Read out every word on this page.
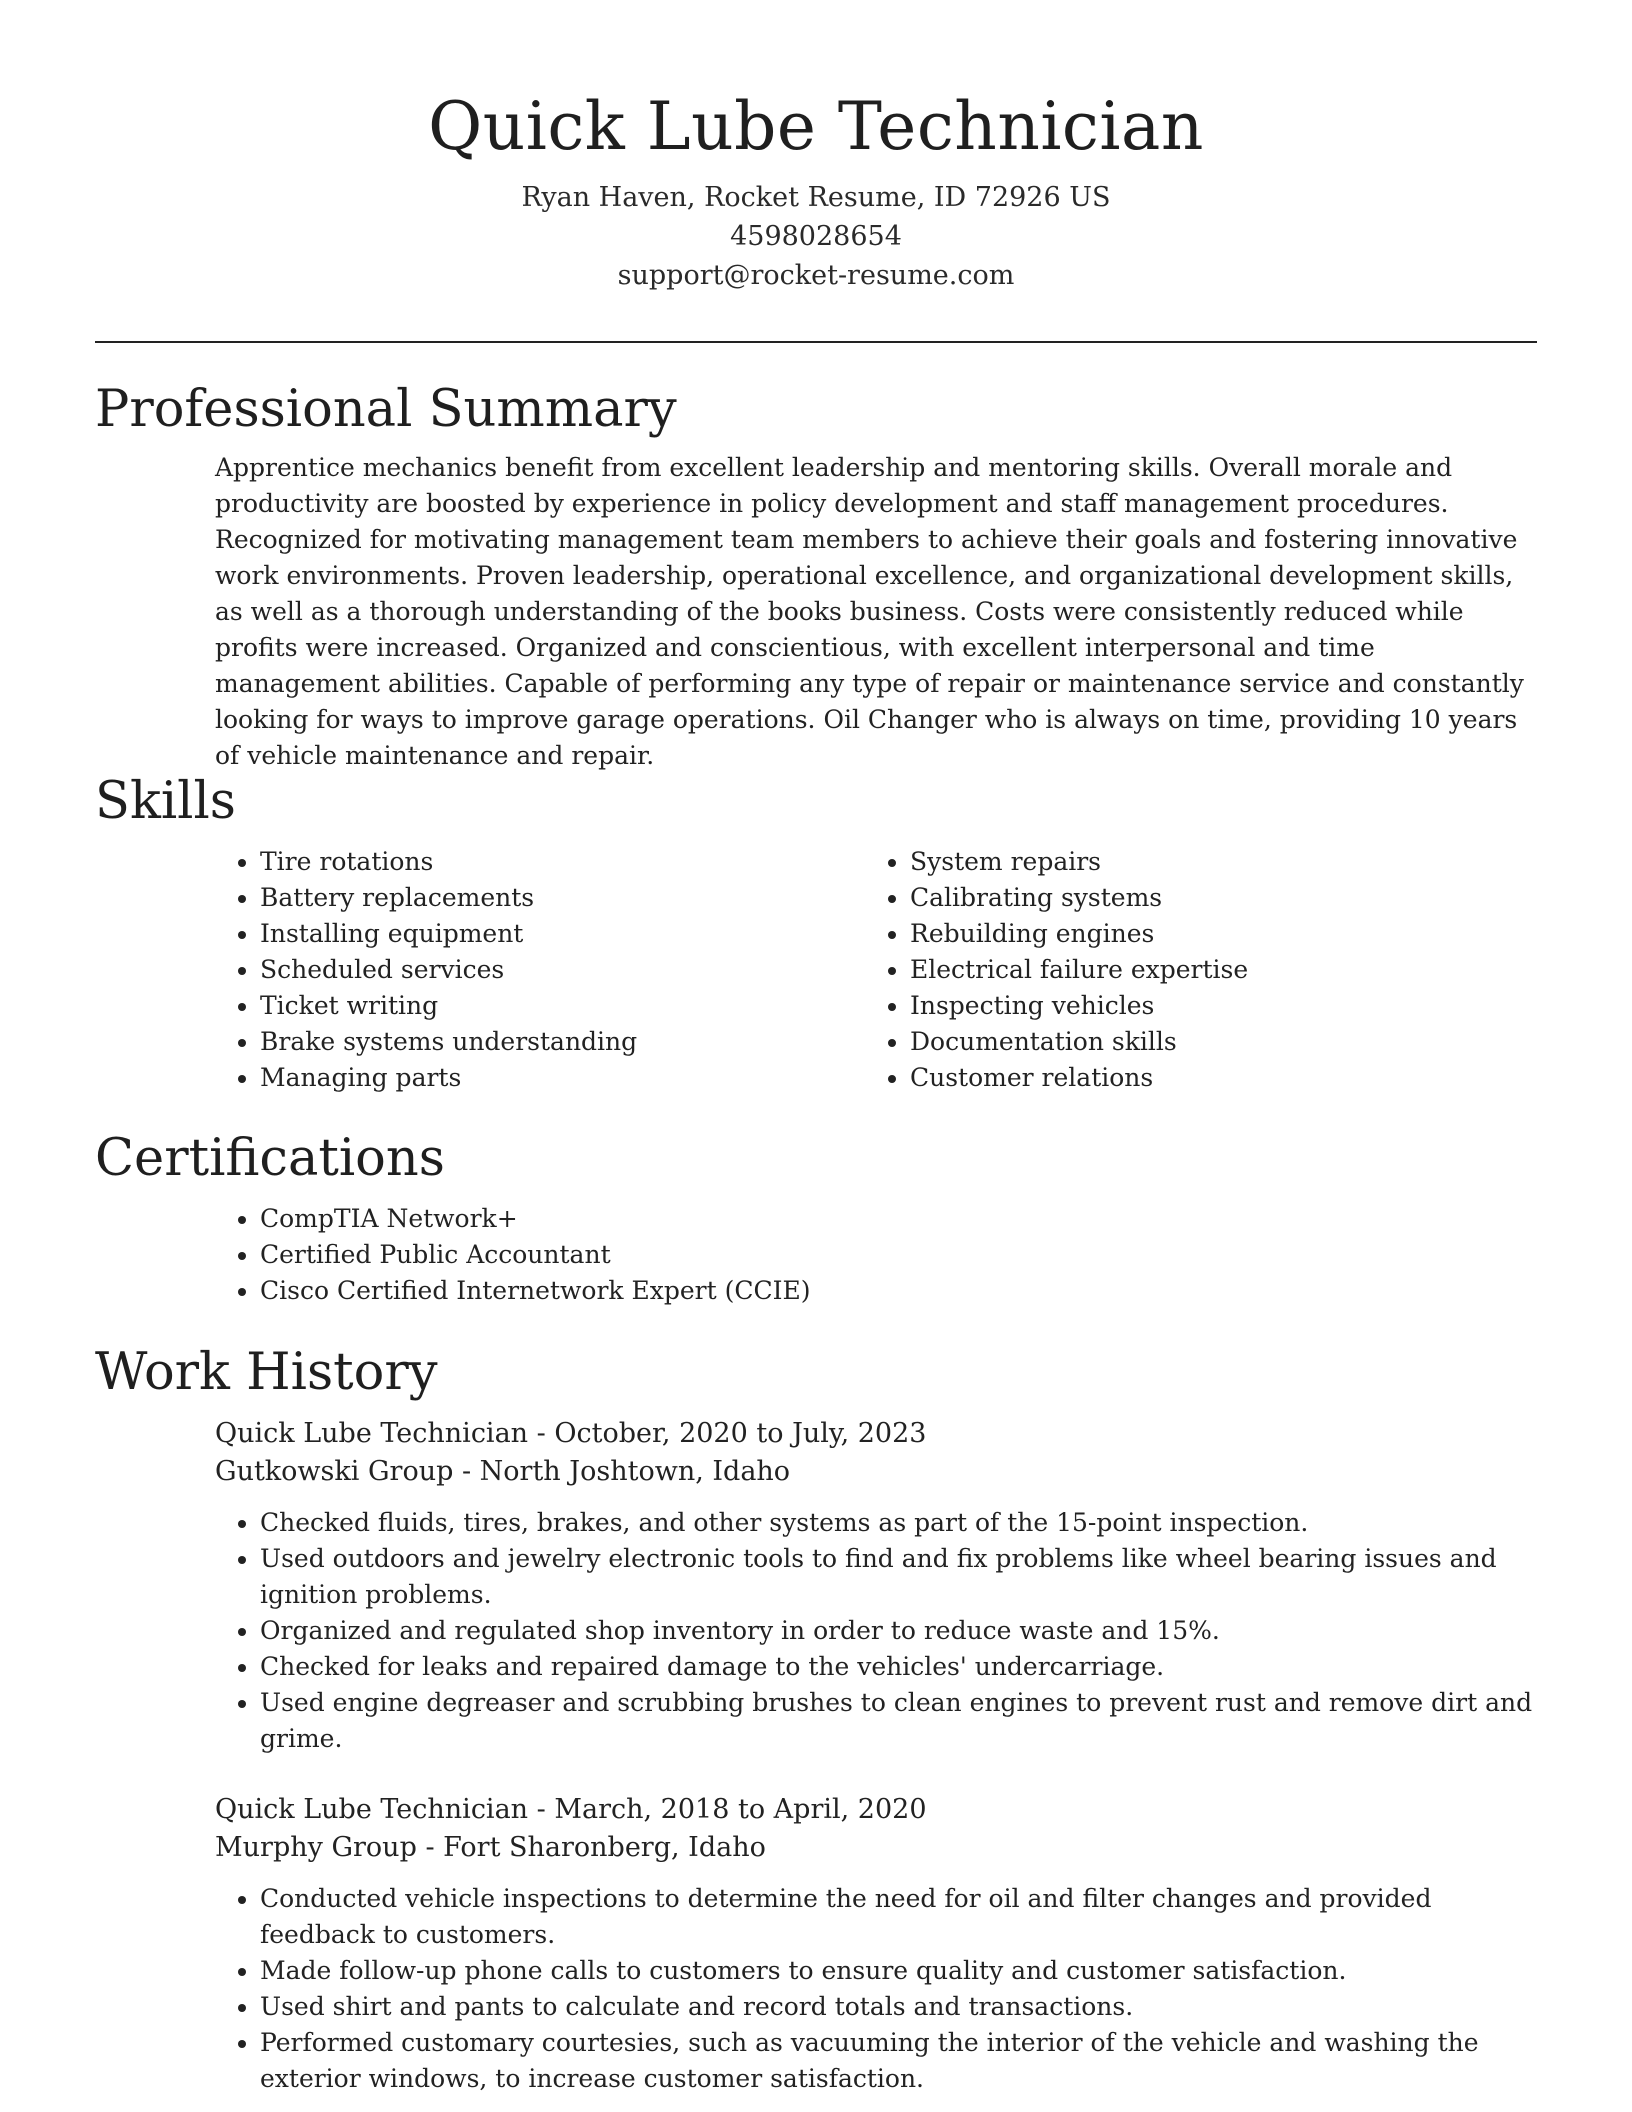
Quick Lube Technician

Ryan Haven, Rocket Resume, ID 72926 US

4598028654

support@rocket-resume.com

Professional Summary

Apprentice mechanics benefit from excellent leadership and mentoring skills. Overall morale and productivity are boosted by experience in policy development and staff management procedures. Recognized for motivating management team members to achieve their goals and fostering innovative work environments. Proven leadership, operational excellence, and organizational development skills, as well as a thorough understanding of the books business. Costs were consistently reduced while profits were increased. Organized and conscientious, with excellent interpersonal and time management abilities. Capable of performing any type of repair or maintenance service and constantly looking for ways to improve garage operations. Oil Changer who is always on time, providing 10 years of vehicle maintenance and repair.

Skills
• Tire rotations
• Battery replacements
• Installing equipment
• Scheduled services
• Ticket writing
• Brake systems understanding
• Managing parts
• System repairs
• Calibrating systems
• Rebuilding engines
• Electrical failure expertise
• Inspecting vehicles
• Documentation skills
• Customer relations
Certifications
• CompTIA Network+
• Certified Public Accountant
• Cisco Certified Internetwork Expert (CCIE)
Work History

Quick Lube Technician - October, 2020 to July, 2023

Gutkowski Group - North Joshtown, Idaho

• Checked fluids, tires, brakes, and other systems as part of the 15-point inspection.
• Used outdoors and jewelry electronic tools to find and fix problems like wheel bearing issues and ignition problems.
• Organized and regulated shop inventory in order to reduce waste and 15%.
• Checked for leaks and repaired damage to the vehicles' undercarriage.
• Used engine degreaser and scrubbing brushes to clean engines to prevent rust and remove dirt and grime.

Quick Lube Technician - March, 2018 to April, 2020

Murphy Group - Fort Sharonberg, Idaho

• Conducted vehicle inspections to determine the need for oil and filter changes and provided feedback to customers.
• Made follow-up phone calls to customers to ensure quality and customer satisfaction.
• Used shirt and pants to calculate and record totals and transactions.
• Performed customary courtesies, such as vacuuming the interior of the vehicle and washing the exterior windows, to increase customer satisfaction.
